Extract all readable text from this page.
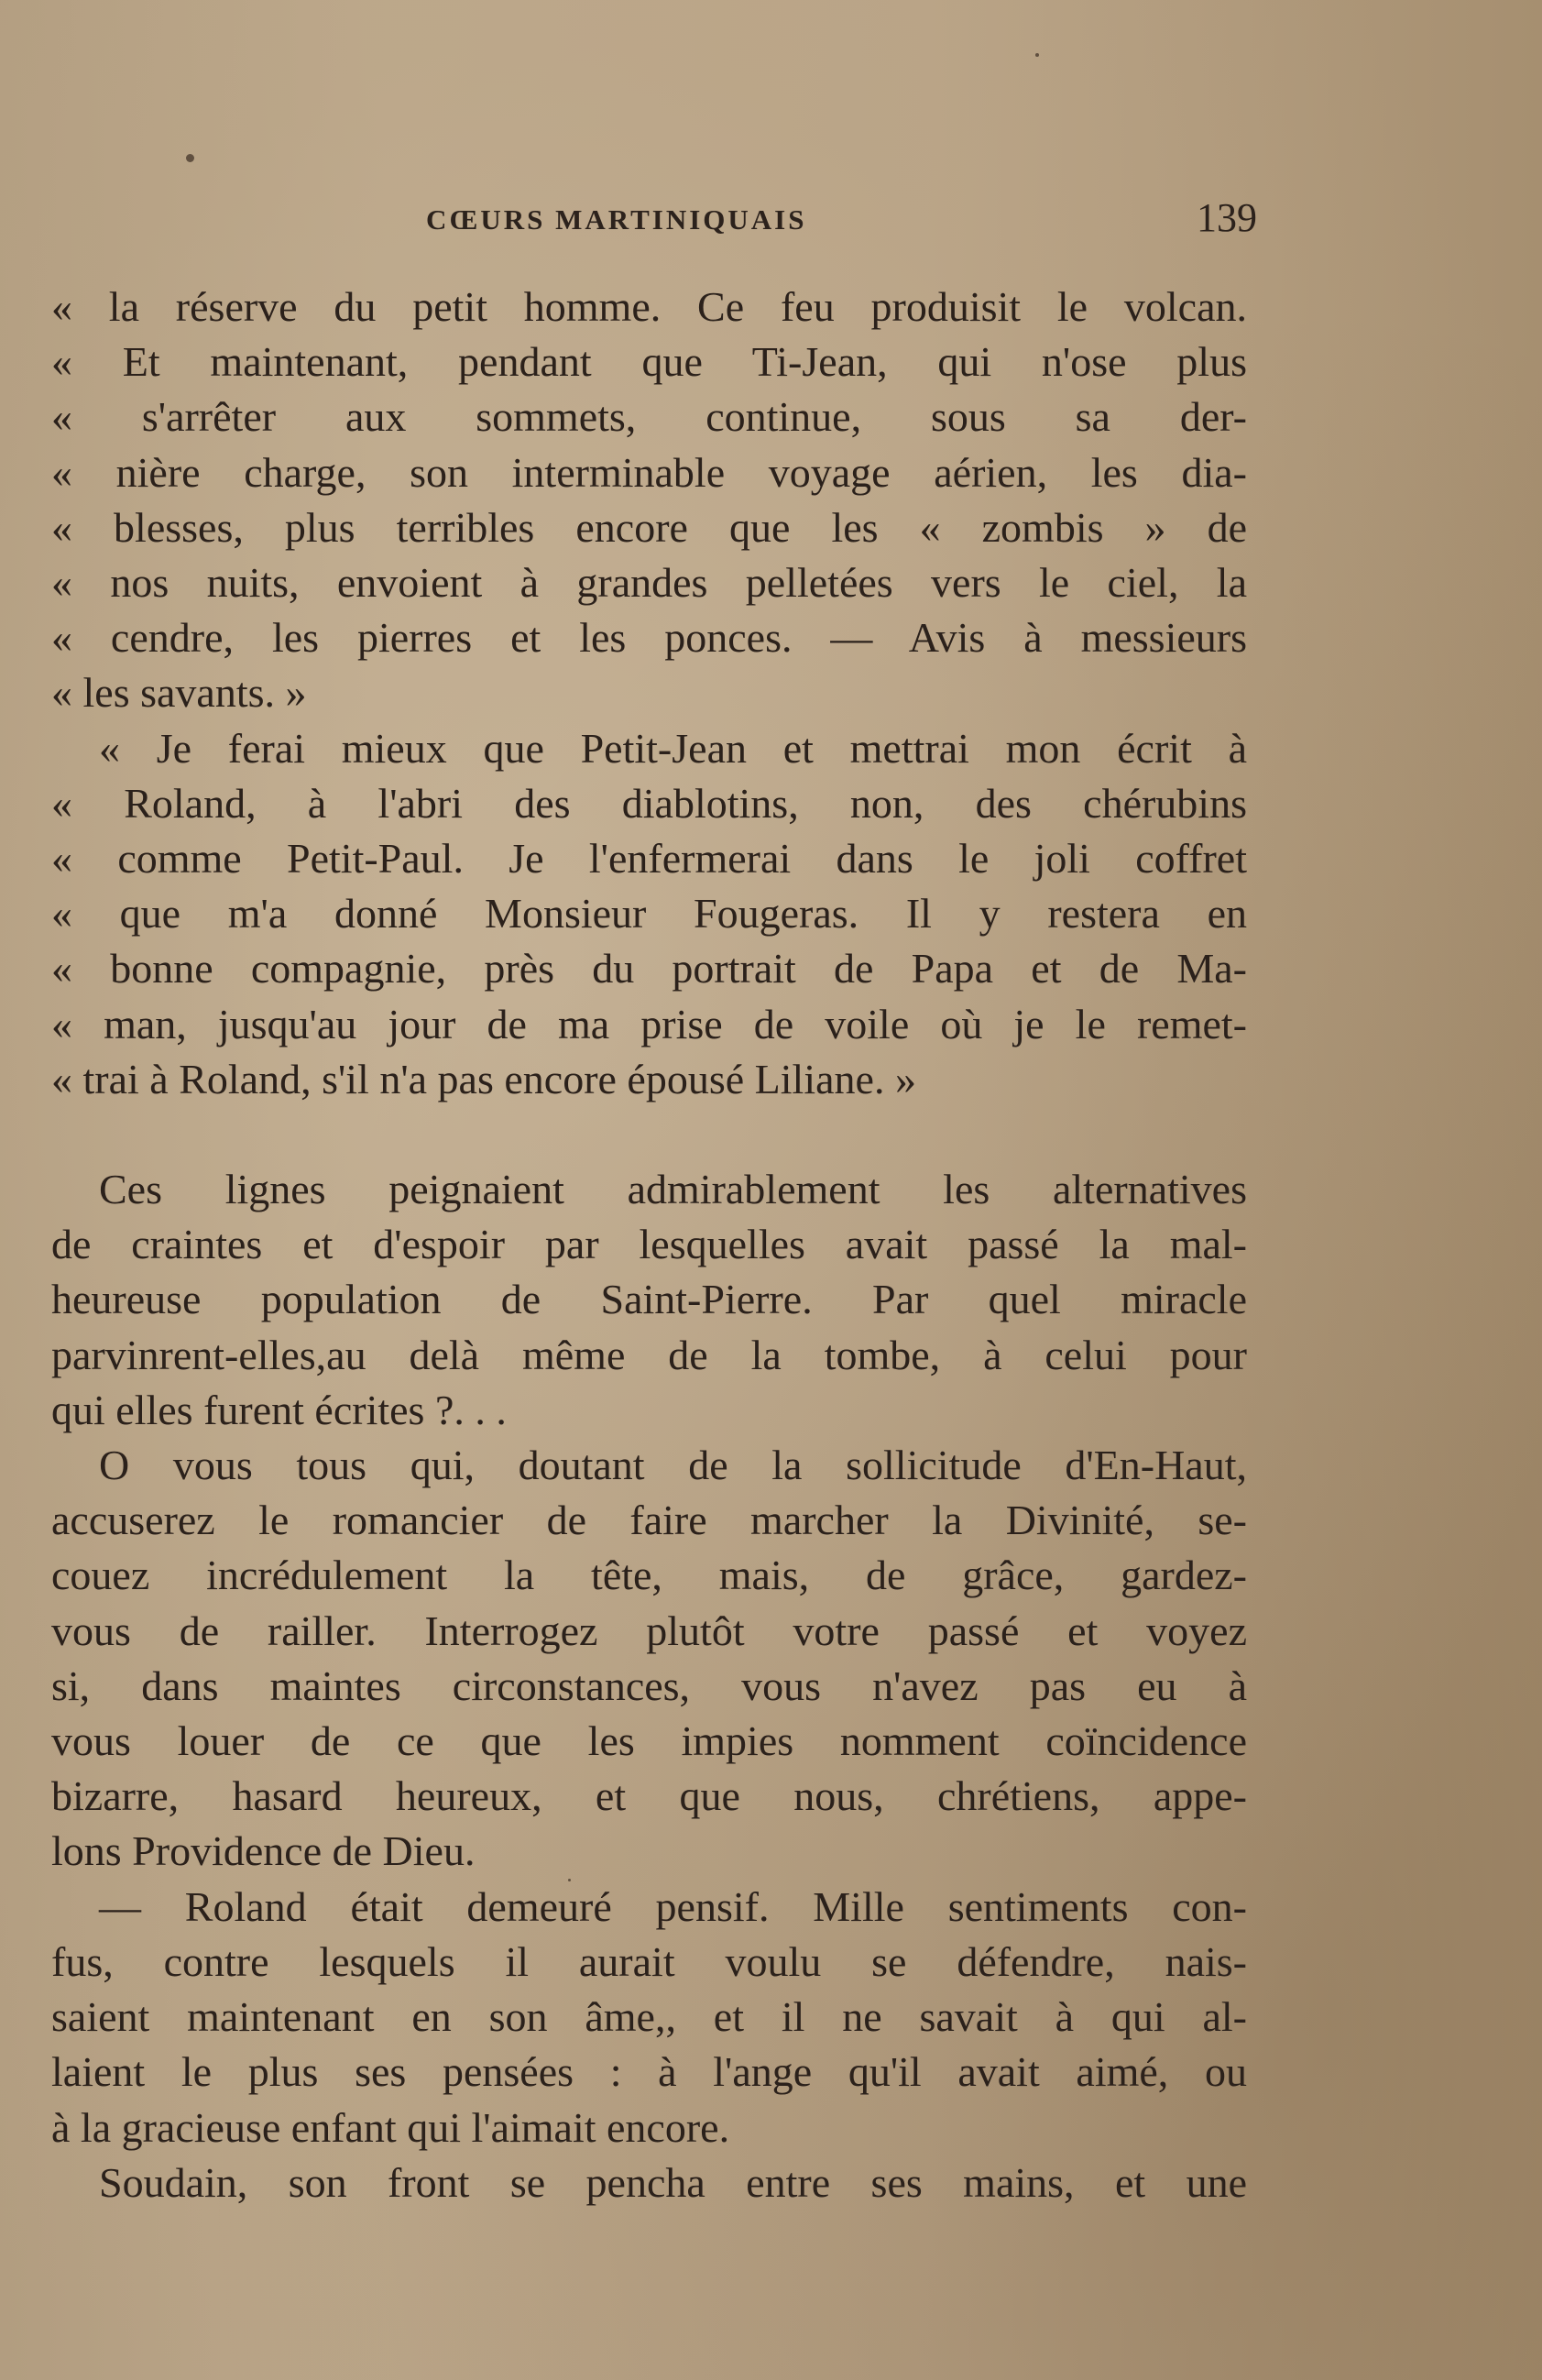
CŒURS MARTINIQUAIS	139

« la réserve du petit homme. Ce feu produisit le volcan.

« Et maintenant, pendant que Ti-Jean, qui n'ose plus

« s'arrêter aux sommets, continue, sous sa der-

« nière charge, son interminable voyage aérien, les dia-

« blesses, plus terribles encore que les « zombis » de

« nos nuits, envoient à grandes pelletées vers le ciel, la

« cendre, les pierres et les ponces. — Avis à messieurs

« les savants. »

« Je ferai mieux que Petit-Jean et mettrai mon écrit à

« Roland, à l'abri des diablotins, non, des chérubins

« comme Petit-Paul. Je l'enfermerai dans le joli coffret

« que m'a donné Monsieur Fougeras. Il y restera en

« bonne compagnie, près du portrait de Papa et de Ma-

« man, jusqu'au jour de ma prise de voile où je le remet-

« trai à Roland, s'il n'a pas encore épousé Liliane. »

Ces lignes peignaient admirablement les alternatives

de craintes et d'espoir par lesquelles avait passé la mal-

heureuse population de Saint-Pierre. Par quel miracle

parvinrent-elles,au delà même de la tombe, à celui pour

qui elles furent écrites ?. . .

O vous tous qui, doutant de la sollicitude d'En-Haut,

accuserez le romancier de faire marcher la Divinité, se-

couez incrédulement la tête, mais, de grâce, gardez-

vous de railler. Interrogez plutôt votre passé et voyez

si, dans maintes circonstances, vous n'avez pas eu à

vous louer de ce que les impies nomment coïncidence

bizarre, hasard heureux, et que nous, chrétiens, appe-

lons Providence de Dieu.

— Roland était demeuré pensif. Mille sentiments con-

fus, contre lesquels il aurait voulu se défendre, nais-

saient maintenant en son âme,, et il ne savait à qui al-

laient le plus ses pensées : à l'ange qu'il avait aimé, ou

à la gracieuse enfant qui l'aimait encore.

Soudain, son front se pencha entre ses mains, et une
